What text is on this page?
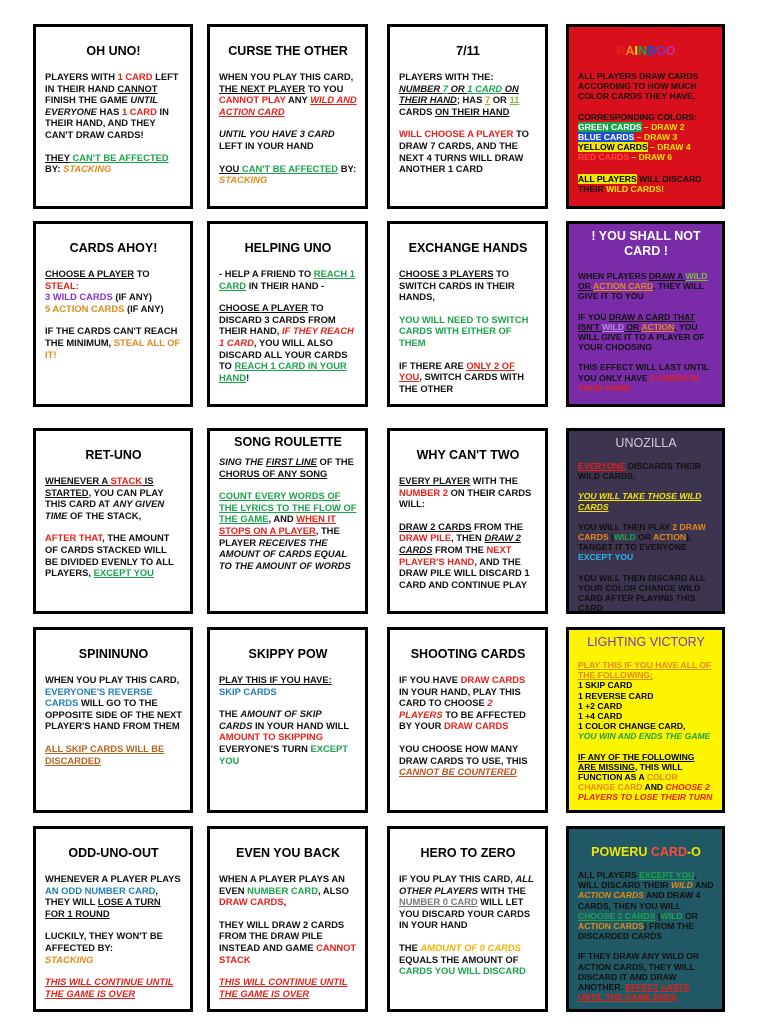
OH UNO!

PLAYERS WITH 1 CARD LEFT IN THEIR HAND CANNOT FINISH THE GAME UNTIL EVERYONE HAS 1 CARD IN THEIR HAND, AND THEY CAN'T DRAW CARDS!

THEY CAN'T BE AFFECTED BY: STACKING

CURSE THE OTHER

WHEN YOU PLAY THIS CARD, THE NEXT PLAYER TO YOU CANNOT PLAY ANY WILD AND ACTION CARD

UNTIL YOU HAVE 3 CARD LEFT IN YOUR HAND

YOU CAN'T BE AFFECTED BY: STACKING

7/11

PLAYERS WITH THE: NUMBER 7 OR 1 CARD ON THEIR HAND; HAS 7 OR 11 CARDS ON THEIR HAND

WILL CHOOSE A PLAYER TO DRAW 7 CARDS, AND THE NEXT 4 TURNS WILL DRAW ANOTHER 1 CARD

RAINBOO

ALL PLAYERS DRAW CARDS ACCORDING TO HOW MUCH COLOR CARDS THEY HAVE,

CORRESPONDING COLORS:
GREEN CARDS – DRAW 2
BLUE CARDS – DRAW 3
YELLOW CARDS – DRAW 4
RED CARDS – DRAW 6

ALL PLAYERS WILL DISCARD THEIR WILD CARDS!

CARDS AHOY!

CHOOSE A PLAYER TO STEAL:
3 WILD CARDS (IF ANY)
5 ACTION CARDS (IF ANY)

IF THE CARDS CAN'T REACH THE MINIMUM, STEAL ALL OF IT!

HELPING UNO

- HELP A FRIEND TO REACH 1 CARD IN THEIR HAND -

CHOOSE A PLAYER TO DISCARD 3 CARDS FROM THEIR HAND, IF THEY REACH 1 CARD, YOU WILL ALSO DISCARD ALL YOUR CARDS TO REACH 1 CARD IN YOUR HAND!

EXCHANGE HANDS

CHOOSE 3 PLAYERS TO SWITCH CARDS IN THEIR HANDS,

YOU WILL NEED TO SWITCH CARDS WITH EITHER OF THEM

IF THERE ARE ONLY 2 OF YOU, SWITCH CARDS WITH THE OTHER

! YOU SHALL NOT CARD !

WHEN PLAYERS DRAW A WILD OR ACTION CARD, THEY WILL GIVE IT TO YOU

IF YOU DRAW A CARD THAT ISN'T WILD OR ACTION, YOU WILL GIVE IT TO A PLAYER OF YOUR CHOOSING

THIS EFFECT WILL LAST UNTIL YOU ONLY HAVE 3 CARDS IN YOUR HAND

RET-UNO

WHENEVER A STACK IS STARTED, YOU CAN PLAY THIS CARD AT ANY GIVEN TIME OF THE STACK,

AFTER THAT, THE AMOUNT OF CARDS STACKED WILL BE DIVIDED EVENLY TO ALL PLAYERS, EXCEPT YOU

SONG ROULETTE

SING THE FIRST LINE OF THE CHORUS OF ANY SONG

COUNT EVERY WORDS OF THE LYRICS TO THE FLOW OF THE GAME, AND WHEN IT STOPS ON A PLAYER, THE PLAYER RECEIVES THE AMOUNT OF CARDS EQUAL TO THE AMOUNT OF WORDS

WHY CAN'T TWO

EVERY PLAYER WITH THE NUMBER 2 ON THEIR CARDS WILL:

DRAW 2 CARDS FROM THE DRAW PILE, THEN DRAW 2 CARDS FROM THE NEXT PLAYER'S HAND, AND THE DRAW PILE WILL DISCARD 1 CARD AND CONTINUE PLAY

UNOZILLA

EVERYONE DISCARDS THEIR WILD CARDS,

YOU WILL TAKE THOSE WILD CARDS

YOU WILL THEN PLAY 2 DRAW CARDS (WILD OR ACTION), TARGET IT TO EVERYONE EXCEPT YOU

YOU WILL THEN DISCARD ALL YOUR COLOR CHANGE WILD CARD AFTER PLAYING THIS CARD

SPININUNO

WHEN YOU PLAY THIS CARD, EVERYONE'S REVERSE CARDS WILL GO TO THE OPPOSITE SIDE OF THE NEXT PLAYER'S HAND FROM THEM

ALL SKIP CARDS WILL BE DISCARDED

SKIPPY POW

PLAY THIS IF YOU HAVE:
SKIP CARDS

THE AMOUNT OF SKIP CARDS IN YOUR HAND WILL AMOUNT TO SKIPPING EVERYONE'S TURN EXCEPT YOU

SHOOTING CARDS

IF YOU HAVE DRAW CARDS IN YOUR HAND, PLAY THIS CARD TO CHOOSE 2 PLAYERS TO BE AFFECTED BY YOUR DRAW CARDS

YOU CHOOSE HOW MANY DRAW CARDS TO USE, THIS CANNOT BE COUNTERED

LIGHTING VICTORY

PLAY THIS IF YOU HAVE ALL OF THE FOLLOWING;
1 SKIP CARD
1 REVERSE CARD
1 +2 CARD
1 +4 CARD
1 COLOR CHANGE CARD,
YOU WIN AND ENDS THE GAME

IF ANY OF THE FOLLOWING ARE MISSING, THIS WILL FUNCTION AS A COLOR CHANGE CARD AND CHOOSE 2 PLAYERS TO LOSE THEIR TURN

ODD-UNO-OUT

WHENEVER A PLAYER PLAYS AN ODD NUMBER CARD, THEY WILL LOSE A TURN FOR 1 ROUND

LUCKILY, THEY WON'T BE AFFECTED BY:
STACKING

THIS WILL CONTINUE UNTIL THE GAME IS OVER

EVEN YOU BACK

WHEN A PLAYER PLAYS AN EVEN NUMBER CARD, ALSO DRAW CARDS,

THEY WILL DRAW 2 CARDS FROM THE DRAW PILE INSTEAD AND GAME CANNOT STACK

THIS WILL CONTINUE UNTIL THE GAME IS OVER

HERO TO ZERO

IF YOU PLAY THIS CARD, ALL OTHER PLAYERS WITH THE NUMBER 0 CARD WILL LET YOU DISCARD YOUR CARDS IN YOUR HAND

THE AMOUNT OF 0 CARDS EQUALS THE AMOUNT OF CARDS YOU WILL DISCARD

POWERU CARD-O

ALL PLAYERS EXCEPT YOU, WILL DISCARD THEIR WILD AND ACTION CARDS AND DRAW 4 CARDS, THEN YOU WILL CHOOSE 2 CARDS (WILD OR ACTION CARDS) FROM THE DISCARDED CARDS

IF THEY DRAW ANY WILD OR ACTION CARDS, THEY WILL DISCARD IT AND DRAW ANOTHER. EFFECT LASTS UNTIL THE GAME ENDS
